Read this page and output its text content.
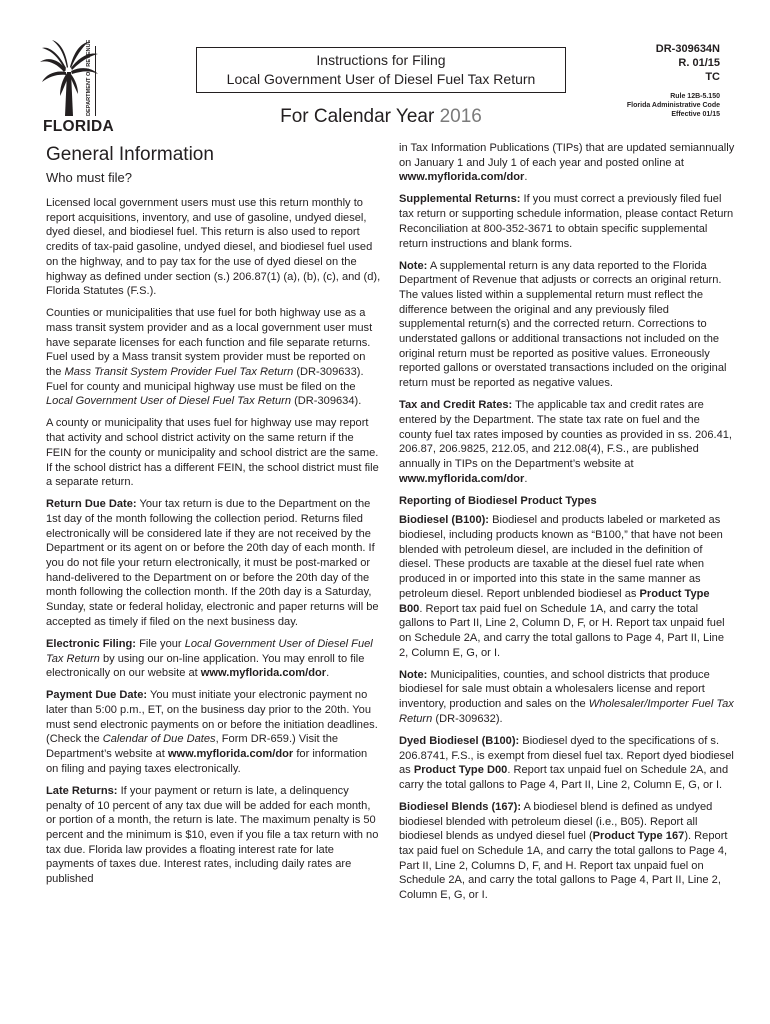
DEPARTMENT OF REVENUE
FLORIDA
Instructions for Filing
Local Government User of Diesel Fuel Tax Return
For Calendar Year 2016
DR-309634N
R. 01/15
TC
Rule 12B-5.150
Florida Administrative Code
Effective 01/15
General Information
Who must file?

Licensed local government users must use this return monthly to report acquisitions, inventory, and use of gasoline, undyed diesel, dyed diesel, and biodiesel fuel. This return is also used to report credits of tax-paid gasoline, undyed diesel, and biodiesel fuel used on the highway, and to pay tax for the use of dyed diesel on the highway as defined under section (s.) 206.87(1) (a), (b), (c), and (d), Florida Statutes (F.S.).

Counties or municipalities that use fuel for both highway use as a mass transit system provider and as a local government user must have separate licenses for each function and file separate returns. Fuel used by a Mass transit system provider must be reported on the Mass Transit System Provider Fuel Tax Return (DR-309633). Fuel for county and municipal highway use must be filed on the Local Government User of Diesel Fuel Tax Return (DR-309634).

A county or municipality that uses fuel for highway use may report that activity and school district activity on the same return if the FEIN for the county or municipality and school district are the same. If the school district has a different FEIN, the school district must file a separate return.

Return Due Date: Your tax return is due to the Department on the 1st day of the month following the collection period. Returns filed electronically will be considered late if they are not received by the Department or its agent on or before the 20th day of each month. If you do not file your return electronically, it must be post-marked or hand-delivered to the Department on or before the 20th day of the month following the collection month. If the 20th day is a Saturday, Sunday, state or federal holiday, electronic and paper returns will be accepted as timely if filed on the next business day.

Electronic Filing: File your Local Government User of Diesel Fuel Tax Return by using our on-line application. You may enroll to file electronically on our website at www.myflorida.com/dor.

Payment Due Date: You must initiate your electronic payment no later than 5:00 p.m., ET, on the business day prior to the 20th. You must send electronic payments on or before the initiation deadlines. (Check the Calendar of Due Dates, Form DR-659.) Visit the Department’s website at www.myflorida.com/dor for information on filing and paying taxes electronically.

Late Returns: If your payment or return is late, a delinquency penalty of 10 percent of any tax due will be added for each month, or portion of a month, the return is late. The maximum penalty is 50 percent and the minimum is $10, even if you file a tax return with no tax due. Florida law provides a floating interest rate for late payments of taxes due. Interest rates, including daily rates are published

in Tax Information Publications (TIPs) that are updated semiannually on January 1 and July 1 of each year and posted online at www.myflorida.com/dor.

Supplemental Returns: If you must correct a previously filed fuel tax return or supporting schedule information, please contact Return Reconciliation at 800-352-3671 to obtain specific supplemental return instructions and blank forms.

Note: A supplemental return is any data reported to the Florida Department of Revenue that adjusts or corrects an original return. The values listed within a supplemental return must reflect the difference between the original and any previously filed supplemental return(s) and the corrected return. Corrections to understated gallons or additional transactions not included on the original return must be reported as positive values. Erroneously reported gallons or overstated transactions included on the original return must be reported as negative values.

Tax and Credit Rates: The applicable tax and credit rates are entered by the Department. The state tax rate on fuel and the county fuel tax rates imposed by counties as provided in ss. 206.41, 206.87, 206.9825, 212.05, and 212.08(4), F.S., are published annually in TIPs on the Department’s website at www.myflorida.com/dor.

Reporting of Biodiesel Product Types

Biodiesel (B100): Biodiesel and products labeled or marketed as biodiesel, including products known as “B100,” that have not been blended with petroleum diesel, are included in the definition of diesel. These products are taxable at the diesel fuel rate when produced in or imported into this state in the same manner as petroleum diesel. Report unblended biodiesel as Product Type B00. Report tax paid fuel on Schedule 1A, and carry the total gallons to Part II, Line 2, Column D, F, or H. Report tax unpaid fuel on Schedule 2A, and carry the total gallons to Page 4, Part II, Line 2, Column E, G, or I.

Note: Municipalities, counties, and school districts that produce biodiesel for sale must obtain a wholesalers license and report inventory, production and sales on the Wholesaler/Importer Fuel Tax Return (DR-309632).

Dyed Biodiesel (B100): Biodiesel dyed to the specifications of s. 206.8741, F.S., is exempt from diesel fuel tax. Report dyed biodiesel as Product Type D00. Report tax unpaid fuel on Schedule 2A, and carry the total gallons to Page 4, Part II, Line 2, Column E, G, or I.

Biodiesel Blends (167): A biodiesel blend is defined as undyed biodiesel blended with petroleum diesel (i.e., B05). Report all biodiesel blends as undyed diesel fuel (Product Type 167). Report tax paid fuel on Schedule 1A, and carry the total gallons to Page 4, Part II, Line 2, Columns D, F, and H. Report tax unpaid fuel on Schedule 2A, and carry the total gallons to Page 4, Part II, Line 2, Column E, G, or I.
